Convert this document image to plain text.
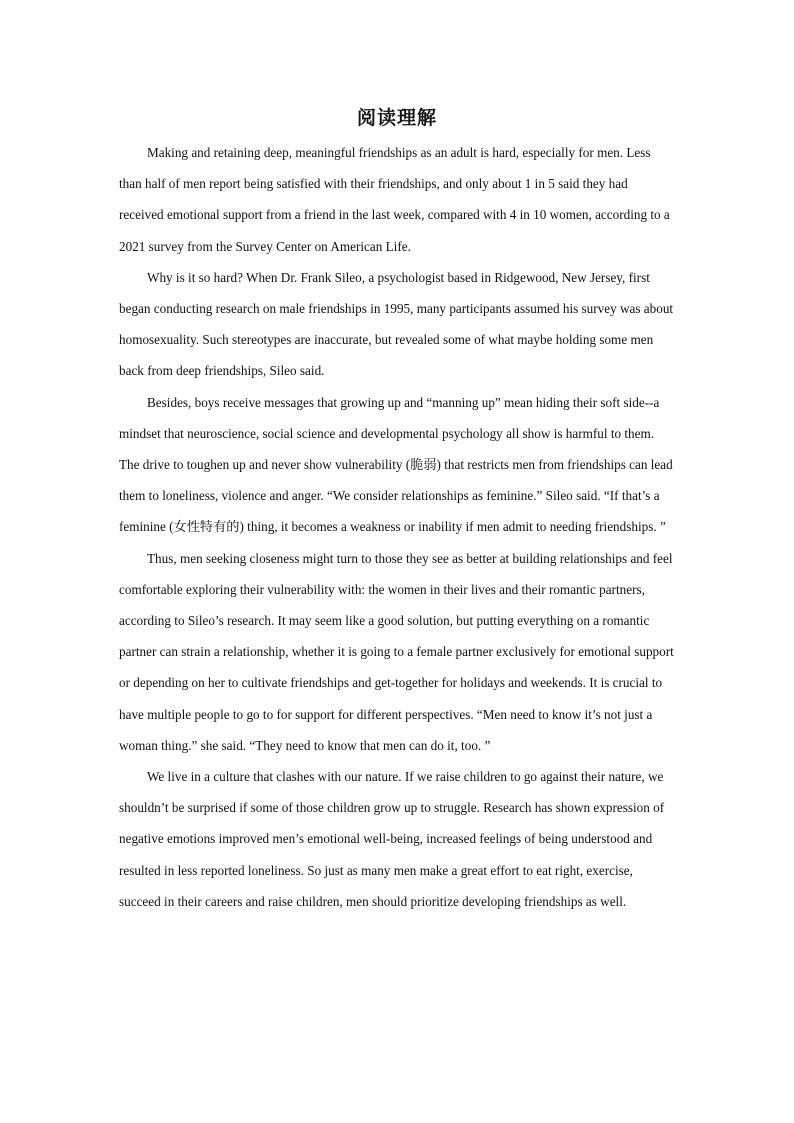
阅读理解

Making and retaining deep, meaningful friendships as an adult is hard, especially for men. Less than half of men report being satisfied with their friendships, and only about 1 in 5 said they had received emotional support from a friend in the last week, compared with 4 in 10 women, according to a 2021 survey from the Survey Center on American Life.

Why is it so hard? When Dr. Frank Sileo, a psychologist based in Ridgewood, New Jersey, first began conducting research on male friendships in 1995, many participants assumed his survey was about homosexuality. Such stereotypes are inaccurate, but revealed some of what maybe holding some men back from deep friendships, Sileo said.

Besides, boys receive messages that growing up and “manning up” mean hiding their soft side--a mindset that neuroscience, social science and developmental psychology all show is harmful to them. The drive to toughen up and never show vulnerability (脆弱) that restricts men from friendships can lead them to loneliness, violence and anger. “We consider relationships as feminine.” Sileo said. “If that’s a feminine (女性特有的) thing, it becomes a weakness or inability if men admit to needing friendships. ”

Thus, men seeking closeness might turn to those they see as better at building relationships and feel comfortable exploring their vulnerability with: the women in their lives and their romantic partners, according to Sileo’s research. It may seem like a good solution, but putting everything on a romantic partner can strain a relationship, whether it is going to a female partner exclusively for emotional support or depending on her to cultivate friendships and get-together for holidays and weekends. It is crucial to have multiple people to go to for support for different perspectives. “Men need to know it’s not just a woman thing.” she said. “They need to know that men can do it, too. ”

We live in a culture that clashes with our nature. If we raise children to go against their nature, we shouldn’t be surprised if some of those children grow up to struggle. Research has shown expression of negative emotions improved men’s emotional well-being, increased feelings of being understood and resulted in less reported loneliness. So just as many men make a great effort to eat right, exercise, succeed in their careers and raise children, men should prioritize developing friendships as well.
